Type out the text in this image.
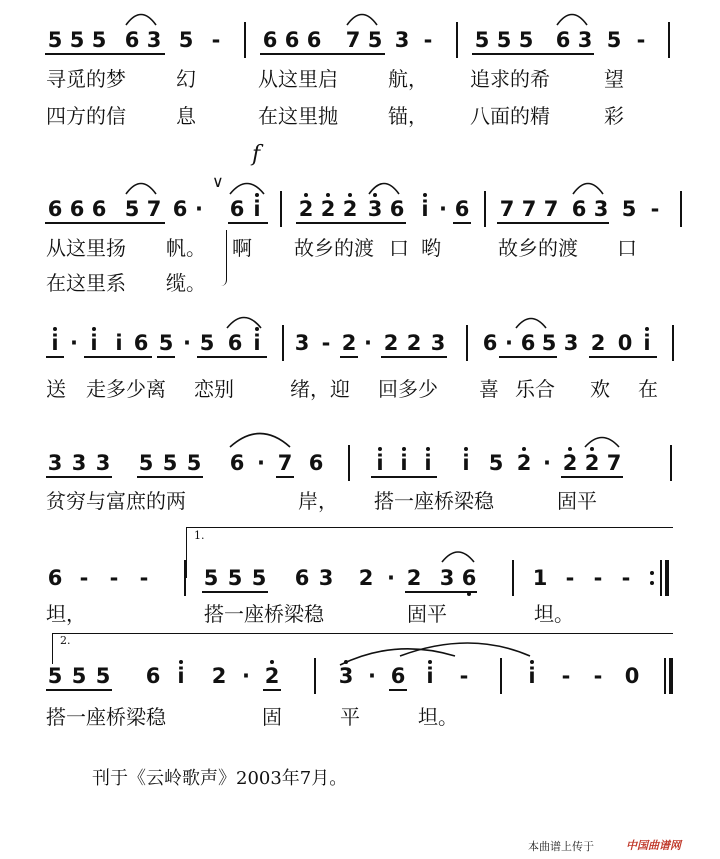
5 5 5 6 3 5 - 6 6 6 7 5 3 - 5 5 5 6 3 5 -
寻觅的梦	幻	从这里启	航， 追求的希	望
四方的信	息	在这里抛	锚， 八面的精	彩
f
∨
6 6 6 5 7 6 · 6 i 2 2 2 3 6 i · 6 7 7 7 6 3 5 -
从这里扬 帆。 啊 故乡的渡 口 哟	故乡的渡 口
在这里系 缆。
i · i i 6 5 · 5 6 i 3 - 2 · 2 2 3 6 · 6 5 3 2 0 i
送 走多少离 恋别	绪，迎 回多少 喜 乐合 欢 在
3 3 3 5 5 5 6 · 7 6	i i i i 5 2 · 2 2 7
贫穷与富庶的两	岸， 搭一座桥梁稳	固平
1.
6 - - -	5 5 5 6 3 2 · 2 3 6	1 - - -
坦，	搭一座桥梁稳	固平	坦。
2.
5 5 5 6 i 2 · 2	3 · 6 i -	i - - 0
搭一座桥梁稳	固	平	坦。
刊于《云岭歌声》2003年7月。
本曲谱上传于	中国曲谱网
